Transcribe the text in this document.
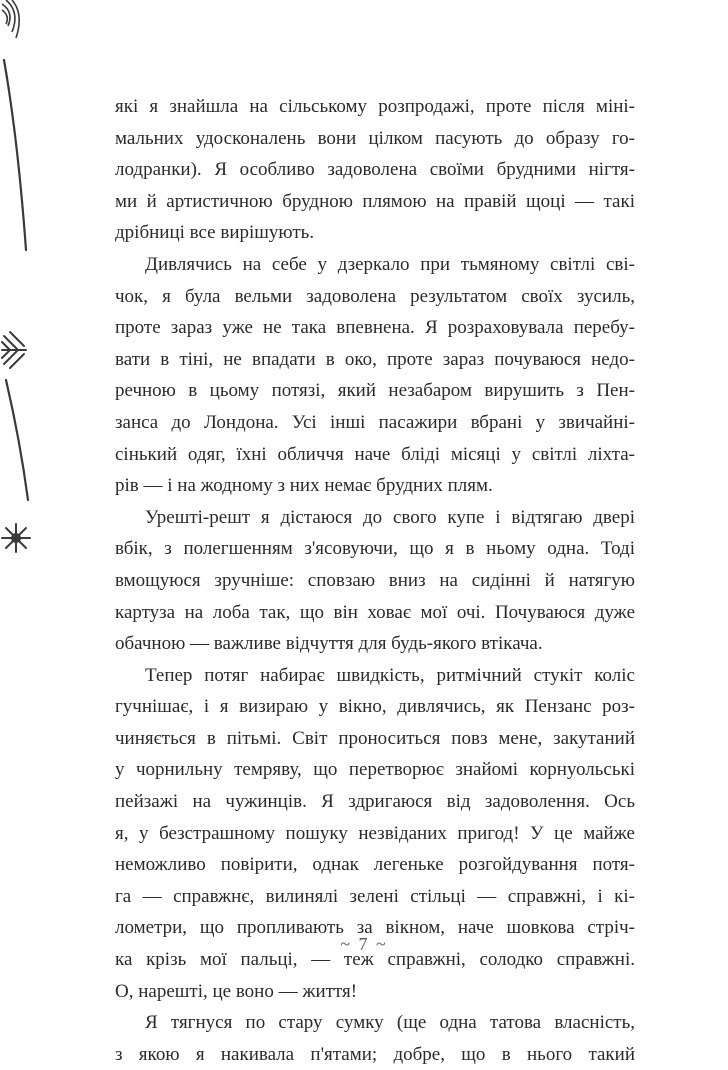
які я знайшла на сільському розпродажі, проте після міні-
мальних удосконалень вони цілком пасують до образу го-
лодранки). Я особливо задоволена своїми брудними нігтя-
ми й артистичною брудною плямою на правій щоці — такі
дрібниці все вирішують.
Дивлячись на себе у дзеркало при тьмяному світлі сві-
чок, я була вельми задоволена результатом своїх зусиль,
проте зараз уже не така впевнена. Я розраховувала перебу-
вати в тіні, не впадати в око, проте зараз почуваюся недо-
речною в цьому потязі, який незабаром вирушить з Пен-
занса до Лондона. Усі інші пасажири вбрані у звичайні-
сінький одяг, їхні обличчя наче бліді місяці у світлі ліхта-
рів — і на жодному з них немає брудних плям.
Урешті-решт я дістаюся до свого купе і відтягаю двері
вбік, з полегшенням з'ясовуючи, що я в ньому одна. Тоді
вмощуюся зручніше: сповзаю вниз на сидінні й натягую
картуза на лоба так, що він ховає мої очі. Почуваюся дуже
обачною — важливе відчуття для будь-якого втікача.
Тепер потяг набирає швидкість, ритмічний стукіт коліс
гучнішає, і я визираю у вікно, дивлячись, як Пензанс роз-
чиняється в пітьмі. Світ проноситься повз мене, закутаний
у чорнильну темряву, що перетворює знайомі корнуольські
пейзажі на чужинців. Я здригаюся від задоволення. Ось
я, у безстрашному пошуку незвіданих пригод! У це майже
неможливо повірити, однак легеньке розгойдування потя-
га — справжнє, вилинялі зелені стільці — справжні, і кі-
лометри, що пропливають за вікном, наче шовкова стріч-
ка крізь мої пальці, — теж справжні, солодко справжні.
О, нарешті, це воно — життя!
Я тягнуся по стару сумку (ще одна татова власність,
з якою я накивала п'ятами; добре, що в нього такий
~ 7 ~
